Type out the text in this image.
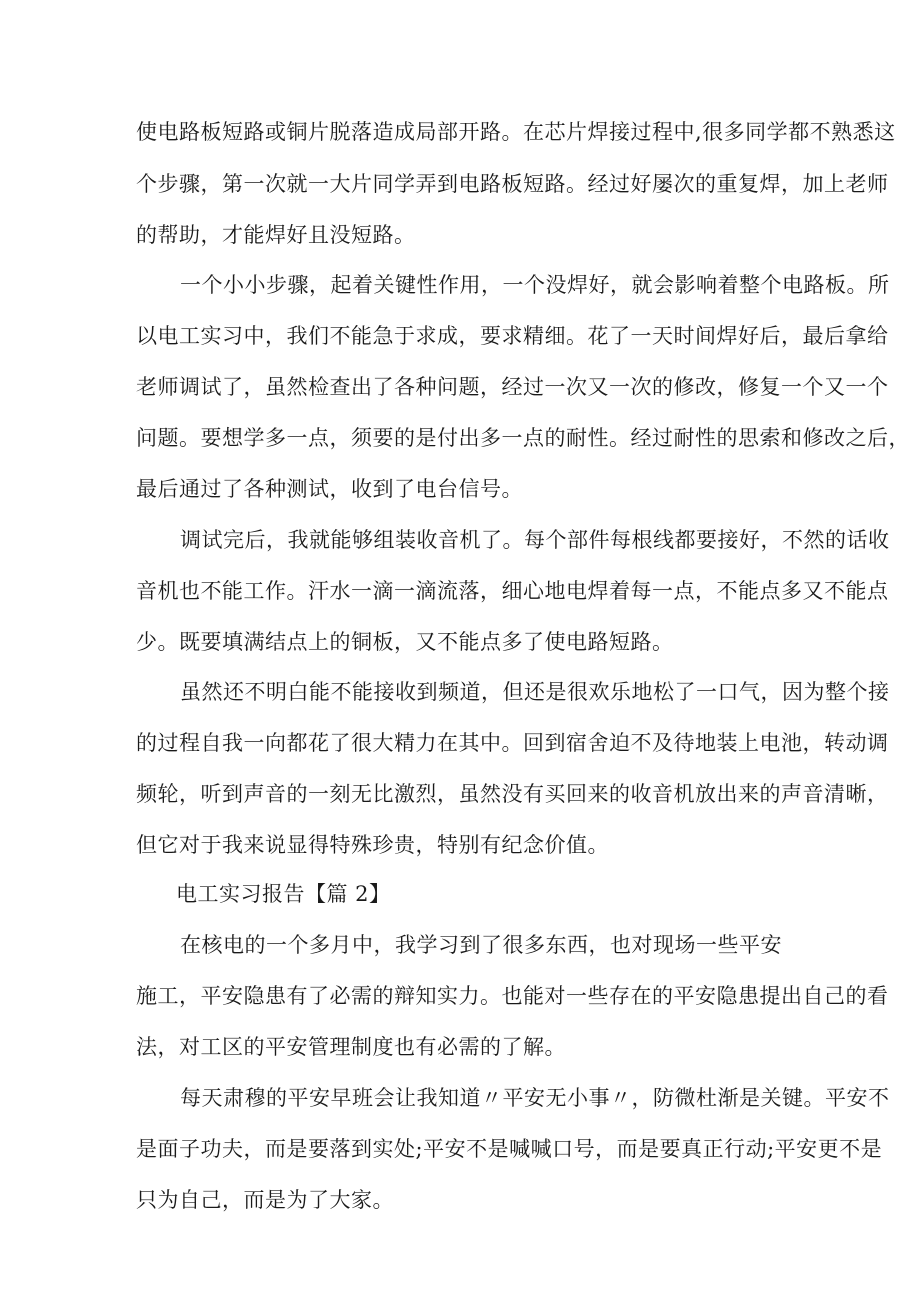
使电路板短路或铜片脱落造成局部开路。在芯片焊接过程中,很多同学都不熟悉这
个步骤，第一次就一大片同学弄到电路板短路。经过好屡次的重复焊，加上老师
的帮助，才能焊好且没短路。
一个小小步骤，起着关键性作用，一个没焊好，就会影响着整个电路板。所
以电工实习中，我们不能急于求成，要求精细。花了一天时间焊好后，最后拿给
老师调试了，虽然检查出了各种问题，经过一次又一次的修改，修复一个又一个
问题。要想学多一点，须要的是付出多一点的耐性。经过耐性的思索和修改之后，
最后通过了各种测试，收到了电台信号。
调试完后，我就能够组装收音机了。每个部件每根线都要接好，不然的话收
音机也不能工作。汗水一滴一滴流落，细心地电焊着每一点，不能点多又不能点
少。既要填满结点上的铜板，又不能点多了使电路短路。
虽然还不明白能不能接收到频道，但还是很欢乐地松了一口气，因为整个接
的过程自我一向都花了很大精力在其中。回到宿舍迫不及待地装上电池，转动调
频轮，听到声音的一刻无比激烈，虽然没有买回来的收音机放出来的声音清晰，
但它对于我来说显得特殊珍贵，特别有纪念价值。
电工实习报告【篇 2】
在核电的一个多月中，我学习到了很多东西，也对现场一些平安
施工，平安隐患有了必需的辩知实力。也能对一些存在的平安隐患提出自己的看
法，对工区的平安管理制度也有必需的了解。
每天肃穆的平安早班会让我知道〃平安无小事〃，防微杜渐是关键。平安不
是面子功夫，而是要落到实处;平安不是喊喊口号，而是要真正行动;平安更不是
只为自己，而是为了大家。
